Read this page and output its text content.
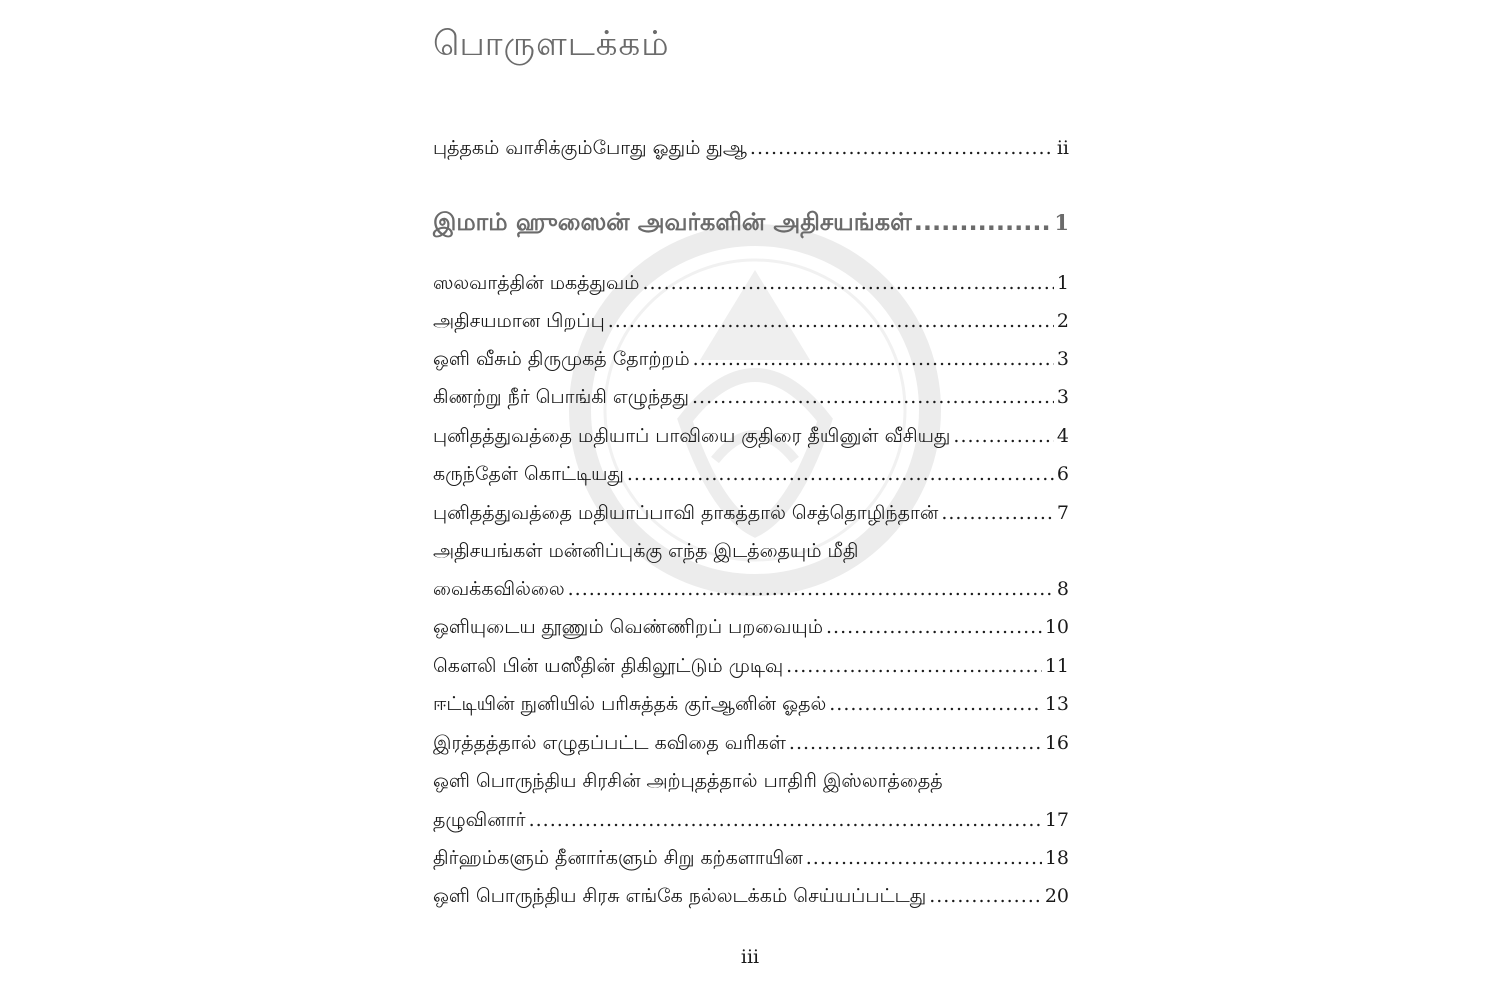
பொருளடக்கம்
புத்தகம் வாசிக்கும்போது ஓதும் துஆ .....	ii
இமாம் ஹுஸைன் அவர்களின் அதிசயங்கள் .....	1
ஸலவாத்தின் மகத்துவம் .....	1
அதிசயமான பிறப்பு .....	2
ஒளி வீசும் திருமுகத் தோற்றம் .....	3
கிணற்று நீர் பொங்கி எழுந்தது .....	3
புனிதத்துவத்தை மதியாப் பாவியை குதிரை தீயினுள் வீசியது .....	4
கருந்தேள் கொட்டியது .....	6
புனிதத்துவத்தை மதியாப்பாவி தாகத்தால் செத்தொழிந்தான் .....	7
அதிசயங்கள் மன்னிப்புக்கு எந்த இடத்தையும் மீதி
வைக்கவில்லை .....	8
ஒளியுடைய தூணும் வெண்ணிறப் பறவையும் .....	10
கௌலி பின் யஸீதின் திகிலூட்டும் முடிவு .....	11
ஈட்டியின் நுனியில் பரிசுத்தக் குர்ஆனின் ஓதல் .....	13
இரத்தத்தால் எழுதப்பட்ட கவிதை வரிகள் .....	16
ஒளி பொருந்திய சிரசின் அற்புதத்தால் பாதிரி இஸ்லாத்தைத்
தழுவினார் .....	17
திர்ஹம்களும் தீனார்களும் சிறு கற்களாயின .....	18
ஒளி பொருந்திய சிரசு எங்கே நல்லடக்கம் செய்யப்பட்டது .....	20
iii
